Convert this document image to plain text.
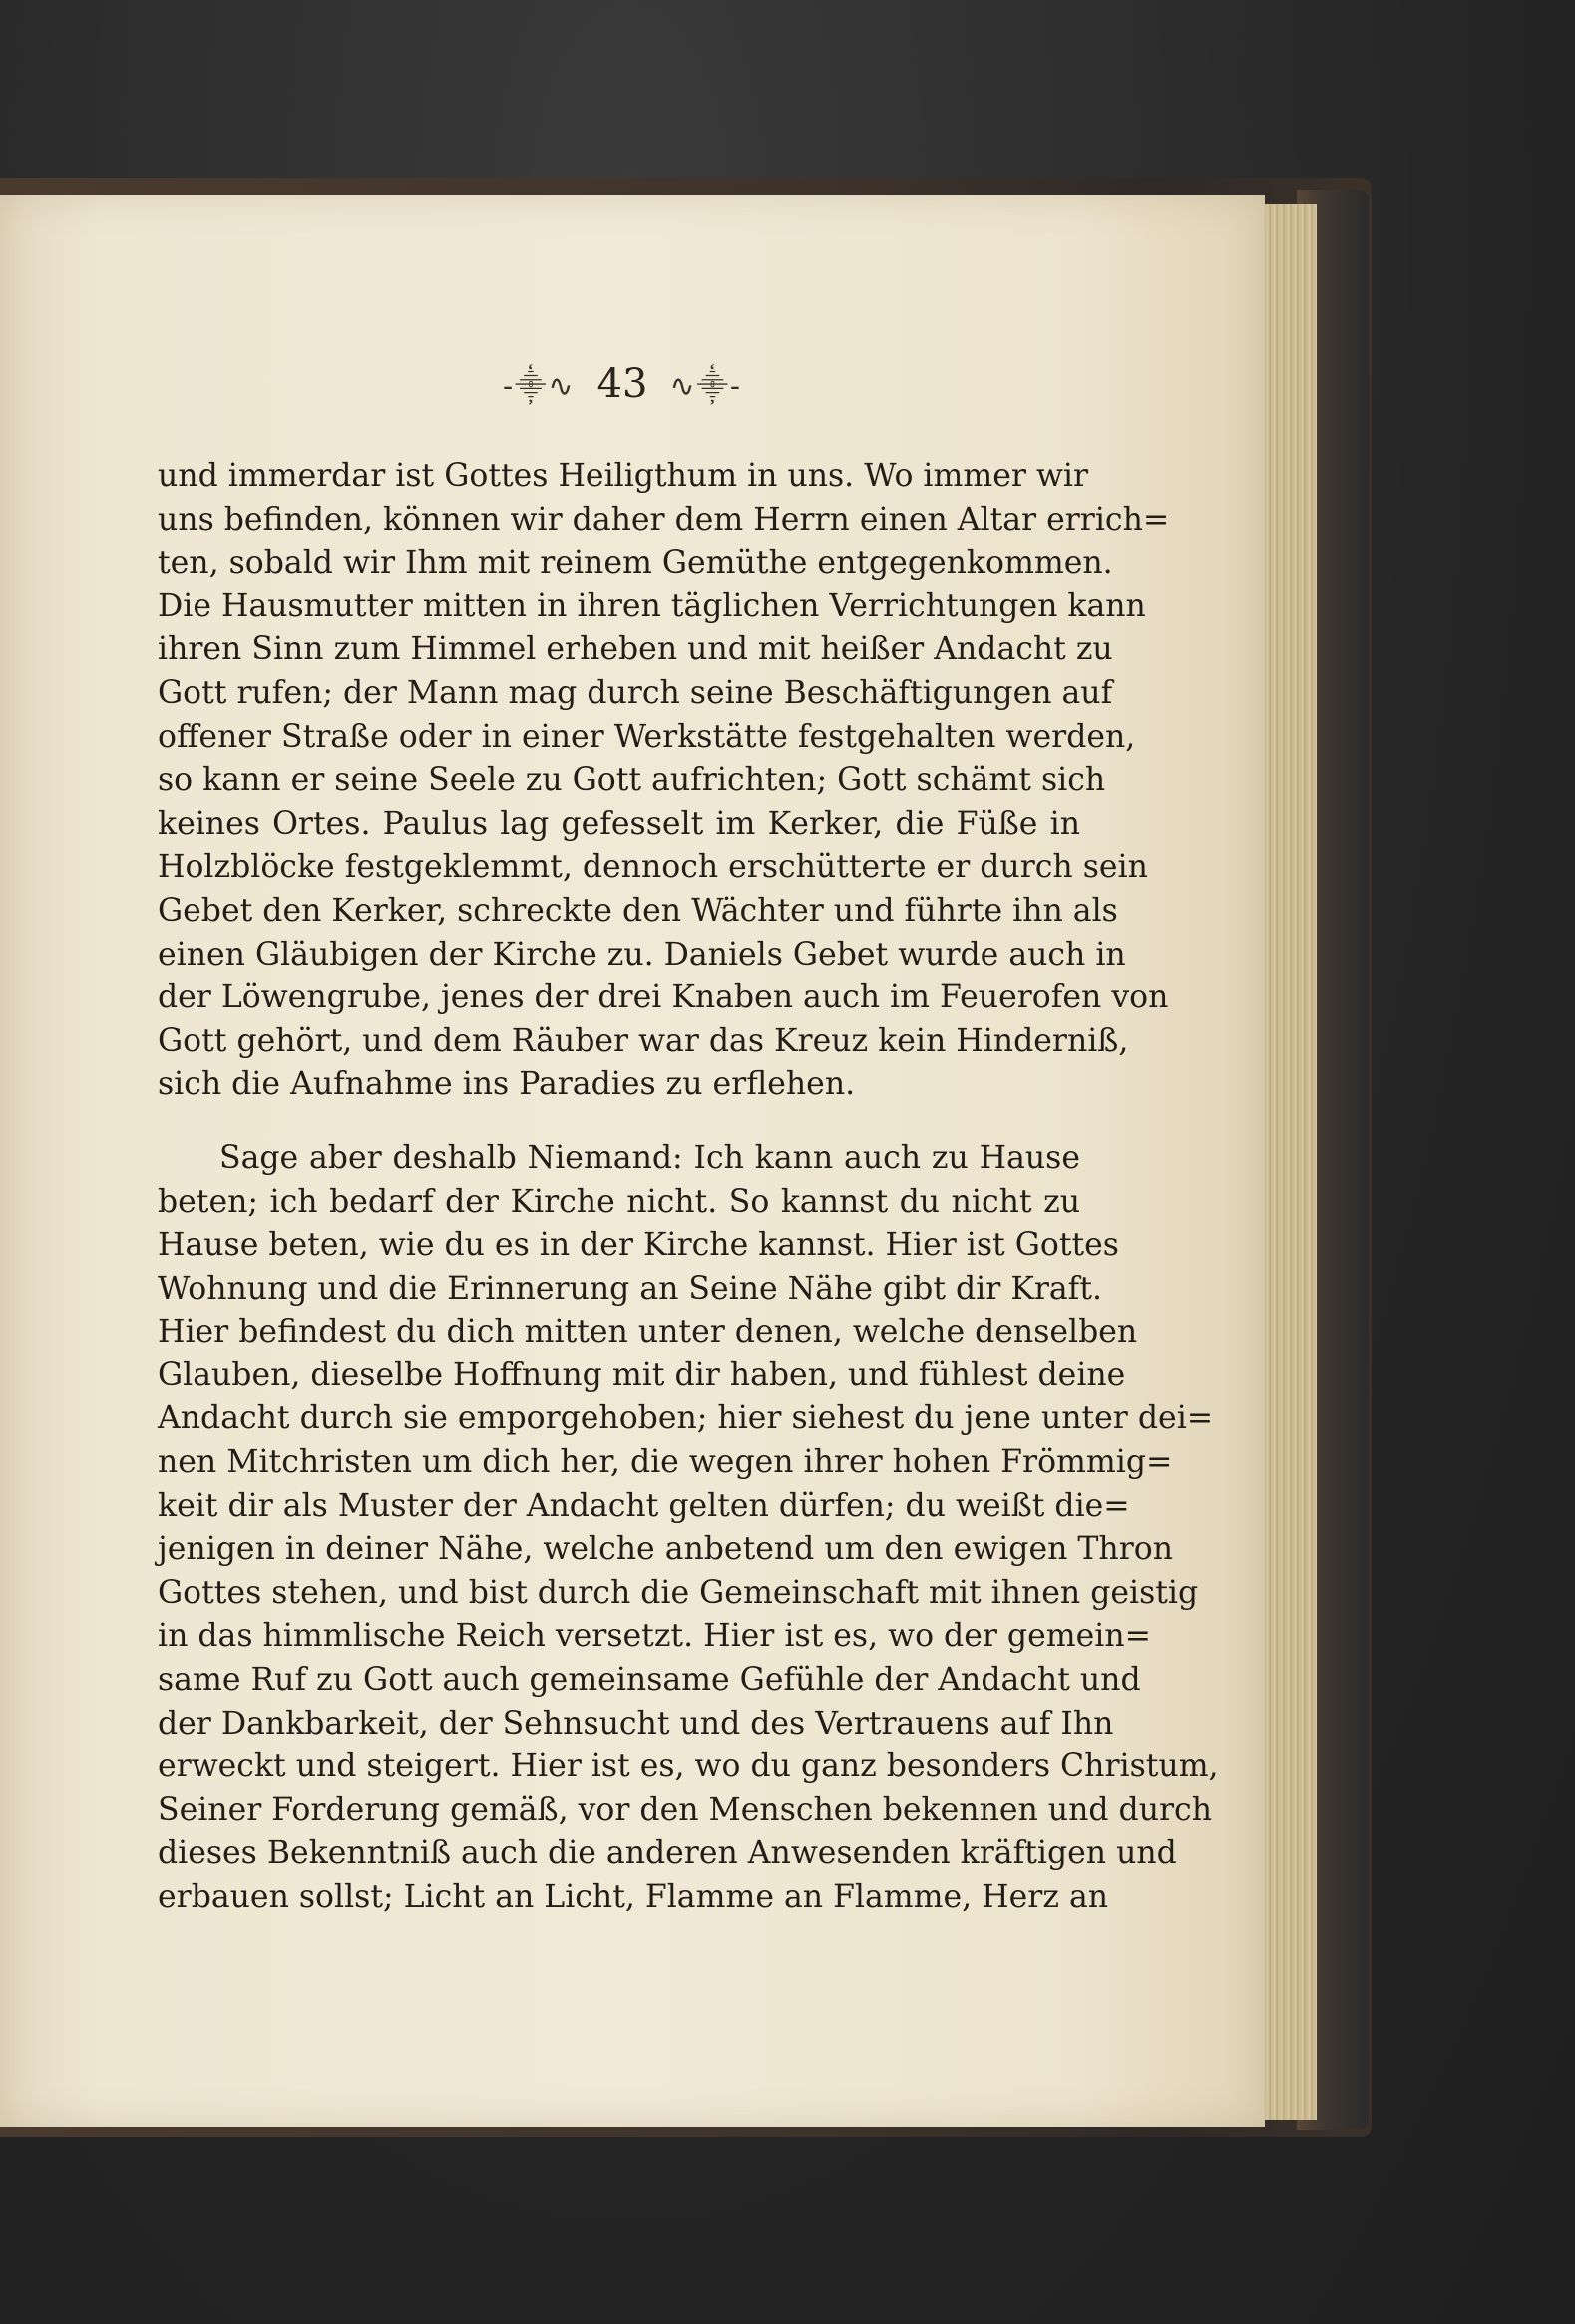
-⸎∿ 43 ∿⸎-
und immerdar ist Gottes Heiligthum in uns. Wo immer wir
uns befinden, können wir daher dem Herrn einen Altar errich=
ten, sobald wir Ihm mit reinem Gemüthe entgegenkommen.
Die Hausmutter mitten in ihren täglichen Verrichtungen kann
ihren Sinn zum Himmel erheben und mit heißer Andacht zu
Gott rufen; der Mann mag durch seine Beschäftigungen auf
offener Straße oder in einer Werkstätte festgehalten werden,
so kann er seine Seele zu Gott aufrichten; Gott schämt sich
keines Ortes. Paulus lag gefesselt im Kerker, die Füße in
Holzblöcke festgeklemmt, dennoch erschütterte er durch sein
Gebet den Kerker, schreckte den Wächter und führte ihn als
einen Gläubigen der Kirche zu. Daniels Gebet wurde auch in
der Löwengrube, jenes der drei Knaben auch im Feuerofen von
Gott gehört, und dem Räuber war das Kreuz kein Hinderniß,
sich die Aufnahme ins Paradies zu erflehen.
Sage aber deshalb Niemand: Ich kann auch zu Hause
beten; ich bedarf der Kirche nicht. So kannst du nicht zu
Hause beten, wie du es in der Kirche kannst. Hier ist Gottes
Wohnung und die Erinnerung an Seine Nähe gibt dir Kraft.
Hier befindest du dich mitten unter denen, welche denselben
Glauben, dieselbe Hoffnung mit dir haben, und fühlest deine
Andacht durch sie emporgehoben; hier siehest du jene unter dei=
nen Mitchristen um dich her, die wegen ihrer hohen Frömmig=
keit dir als Muster der Andacht gelten dürfen; du weißt die=
jenigen in deiner Nähe, welche anbetend um den ewigen Thron
Gottes stehen, und bist durch die Gemeinschaft mit ihnen geistig
in das himmlische Reich versetzt. Hier ist es, wo der gemein=
same Ruf zu Gott auch gemeinsame Gefühle der Andacht und
der Dankbarkeit, der Sehnsucht und des Vertrauens auf Ihn
erweckt und steigert. Hier ist es, wo du ganz besonders Christum,
Seiner Forderung gemäß, vor den Menschen bekennen und durch
dieses Bekenntniß auch die anderen Anwesenden kräftigen und
erbauen sollst; Licht an Licht, Flamme an Flamme, Herz an
